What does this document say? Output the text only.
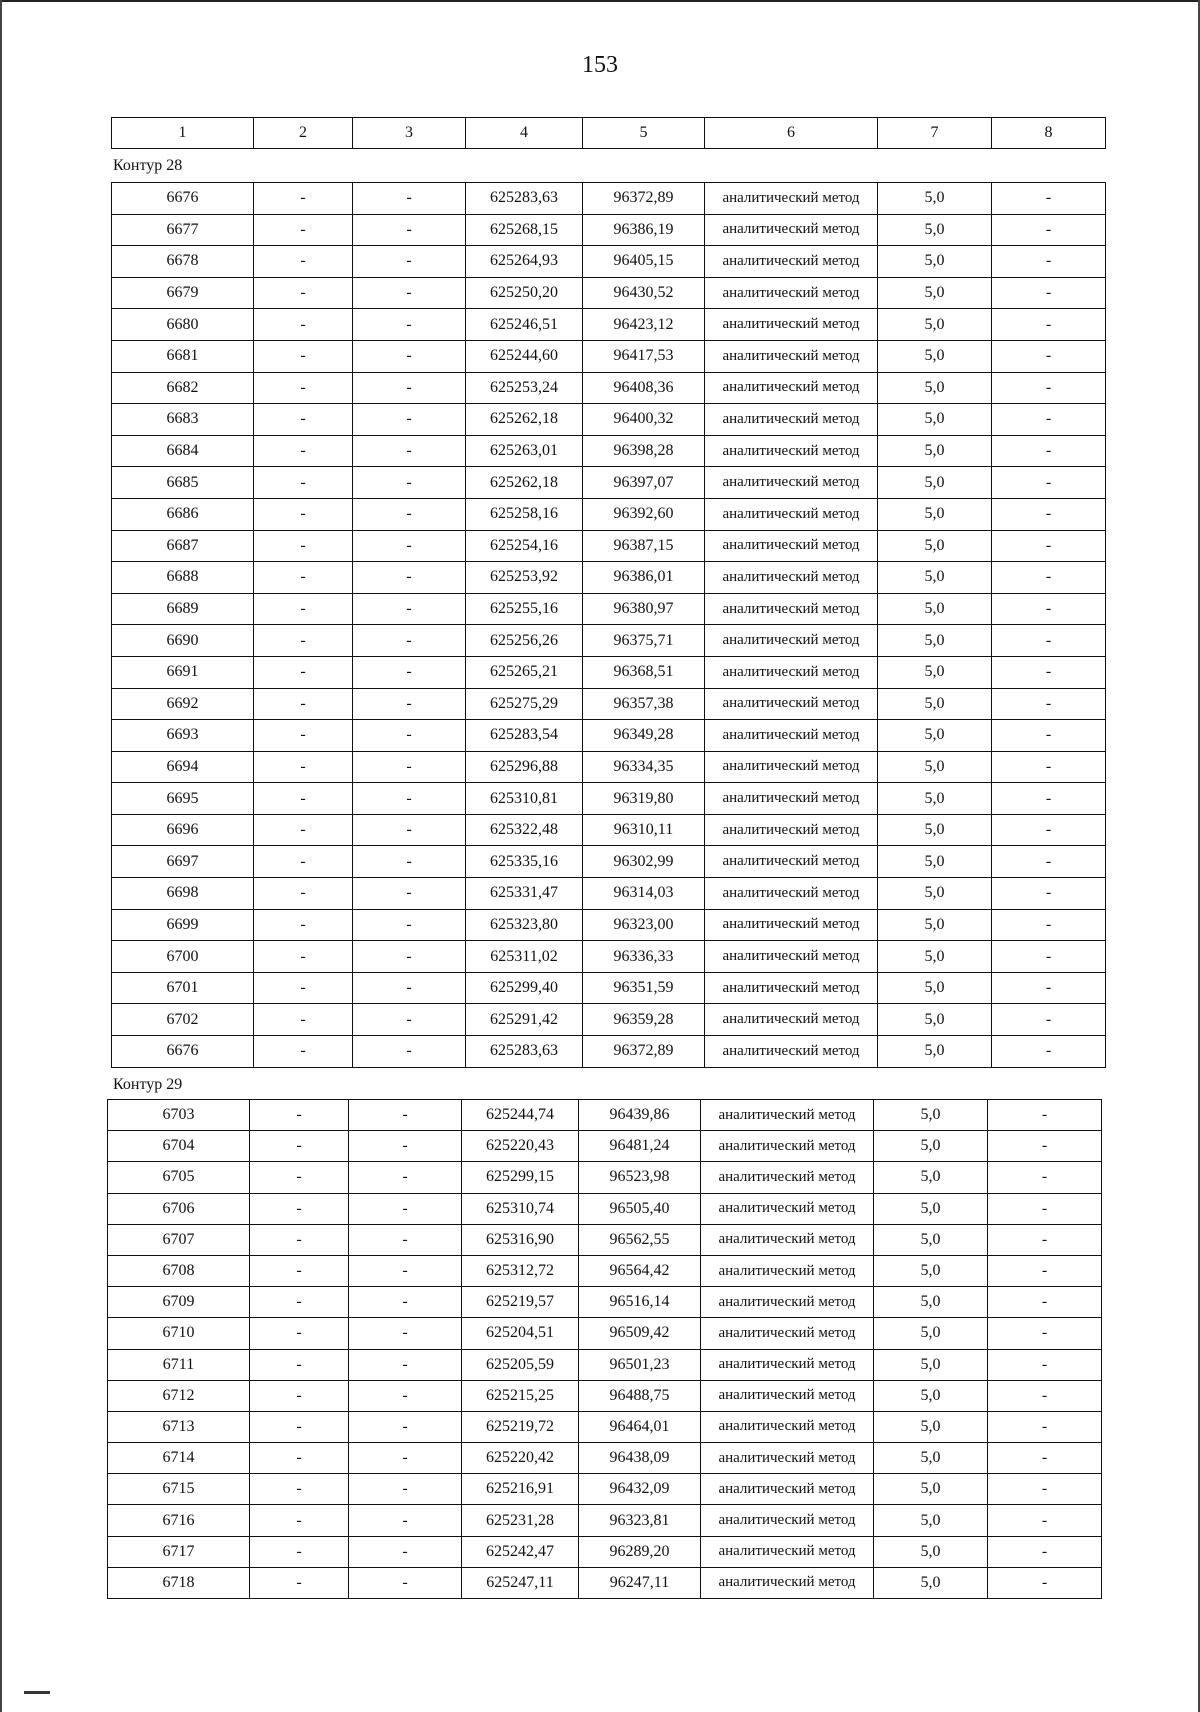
153
1	2	3	4	5	6	7	8
Контур 28
6676	-	-	625283,63	96372,89	аналитический метод	5,0	-
6677	-	-	625268,15	96386,19	аналитический метод	5,0	-
6678	-	-	625264,93	96405,15	аналитический метод	5,0	-
6679	-	-	625250,20	96430,52	аналитический метод	5,0	-
6680	-	-	625246,51	96423,12	аналитический метод	5,0	-
6681	-	-	625244,60	96417,53	аналитический метод	5,0	-
6682	-	-	625253,24	96408,36	аналитический метод	5,0	-
6683	-	-	625262,18	96400,32	аналитический метод	5,0	-
6684	-	-	625263,01	96398,28	аналитический метод	5,0	-
6685	-	-	625262,18	96397,07	аналитический метод	5,0	-
6686	-	-	625258,16	96392,60	аналитический метод	5,0	-
6687	-	-	625254,16	96387,15	аналитический метод	5,0	-
6688	-	-	625253,92	96386,01	аналитический метод	5,0	-
6689	-	-	625255,16	96380,97	аналитический метод	5,0	-
6690	-	-	625256,26	96375,71	аналитический метод	5,0	-
6691	-	-	625265,21	96368,51	аналитический метод	5,0	-
6692	-	-	625275,29	96357,38	аналитический метод	5,0	-
6693	-	-	625283,54	96349,28	аналитический метод	5,0	-
6694	-	-	625296,88	96334,35	аналитический метод	5,0	-
6695	-	-	625310,81	96319,80	аналитический метод	5,0	-
6696	-	-	625322,48	96310,11	аналитический метод	5,0	-
6697	-	-	625335,16	96302,99	аналитический метод	5,0	-
6698	-	-	625331,47	96314,03	аналитический метод	5,0	-
6699	-	-	625323,80	96323,00	аналитический метод	5,0	-
6700	-	-	625311,02	96336,33	аналитический метод	5,0	-
6701	-	-	625299,40	96351,59	аналитический метод	5,0	-
6702	-	-	625291,42	96359,28	аналитический метод	5,0	-
6676	-	-	625283,63	96372,89	аналитический метод	5,0	-
Контур 29
6703	-	-	625244,74	96439,86	аналитический метод	5,0	-
6704	-	-	625220,43	96481,24	аналитический метод	5,0	-
6705	-	-	625299,15	96523,98	аналитический метод	5,0	-
6706	-	-	625310,74	96505,40	аналитический метод	5,0	-
6707	-	-	625316,90	96562,55	аналитический метод	5,0	-
6708	-	-	625312,72	96564,42	аналитический метод	5,0	-
6709	-	-	625219,57	96516,14	аналитический метод	5,0	-
6710	-	-	625204,51	96509,42	аналитический метод	5,0	-
6711	-	-	625205,59	96501,23	аналитический метод	5,0	-
6712	-	-	625215,25	96488,75	аналитический метод	5,0	-
6713	-	-	625219,72	96464,01	аналитический метод	5,0	-
6714	-	-	625220,42	96438,09	аналитический метод	5,0	-
6715	-	-	625216,91	96432,09	аналитический метод	5,0	-
6716	-	-	625231,28	96323,81	аналитический метод	5,0	-
6717	-	-	625242,47	96289,20	аналитический метод	5,0	-
6718	-	-	625247,11	96247,11	аналитический метод	5,0	-
